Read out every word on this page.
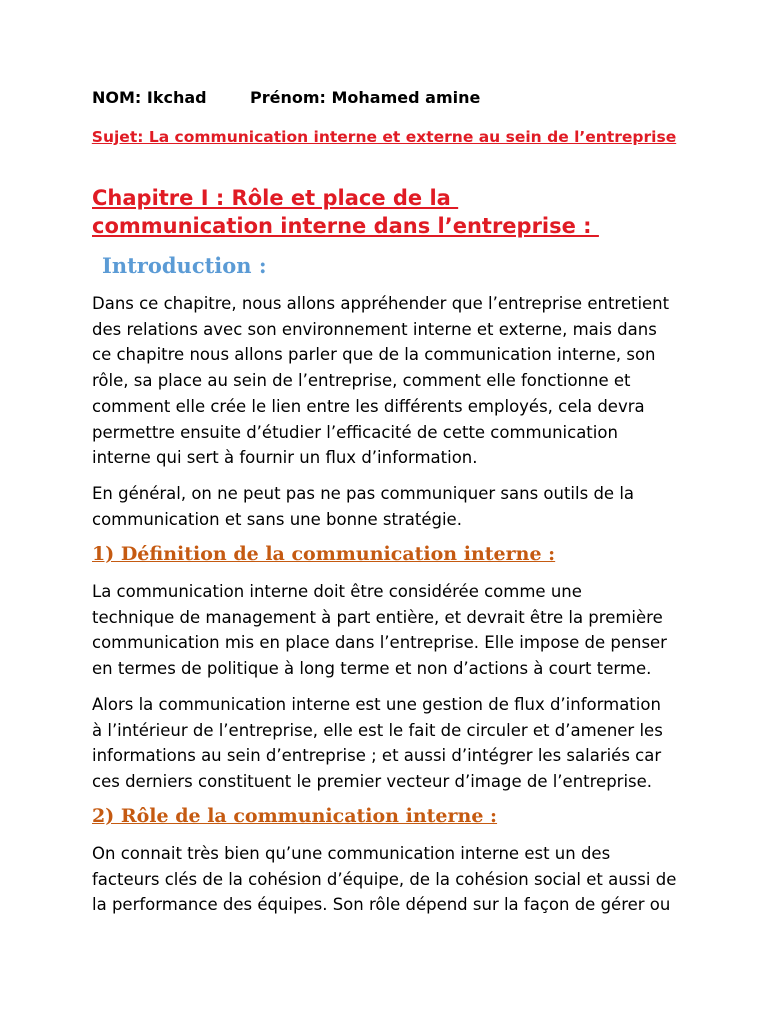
NOM: Ikchad	Prénom: Mohamed amine
Sujet: La communication interne et externe au sein de l’entreprise
Chapitre I : Rôle et place de la
communication interne dans l’entreprise :
Introduction :

Dans ce chapitre, nous allons appréhender que l’entreprise entretient
des relations avec son environnement interne et externe, mais dans
ce chapitre nous allons parler que de la communication interne, son
rôle, sa place au sein de l’entreprise, comment elle fonctionne et
comment elle crée le lien entre les différents employés, cela devra
permettre ensuite d’étudier l’efficacité de cette communication
interne qui sert à fournir un flux d’information.

En général, on ne peut pas ne pas communiquer sans outils de la
communication et sans une bonne stratégie.

1) Définition de la communication interne :

La communication interne doit être considérée comme une
technique de management à part entière, et devrait être la première
communication mis en place dans l’entreprise. Elle impose de penser
en termes de politique à long terme et non d’actions à court terme.

Alors la communication interne est une gestion de flux d’information
à l’intérieur de l’entreprise, elle est le fait de circuler et d’amener les
informations au sein d’entreprise ; et aussi d’intégrer les salariés car
ces derniers constituent le premier vecteur d’image de l’entreprise.

2) Rôle de la communication interne :

On connait très bien qu’une communication interne est un des
facteurs clés de la cohésion d’équipe, de la cohésion social et aussi de
la performance des équipes. Son rôle dépend sur la façon de gérer ou
